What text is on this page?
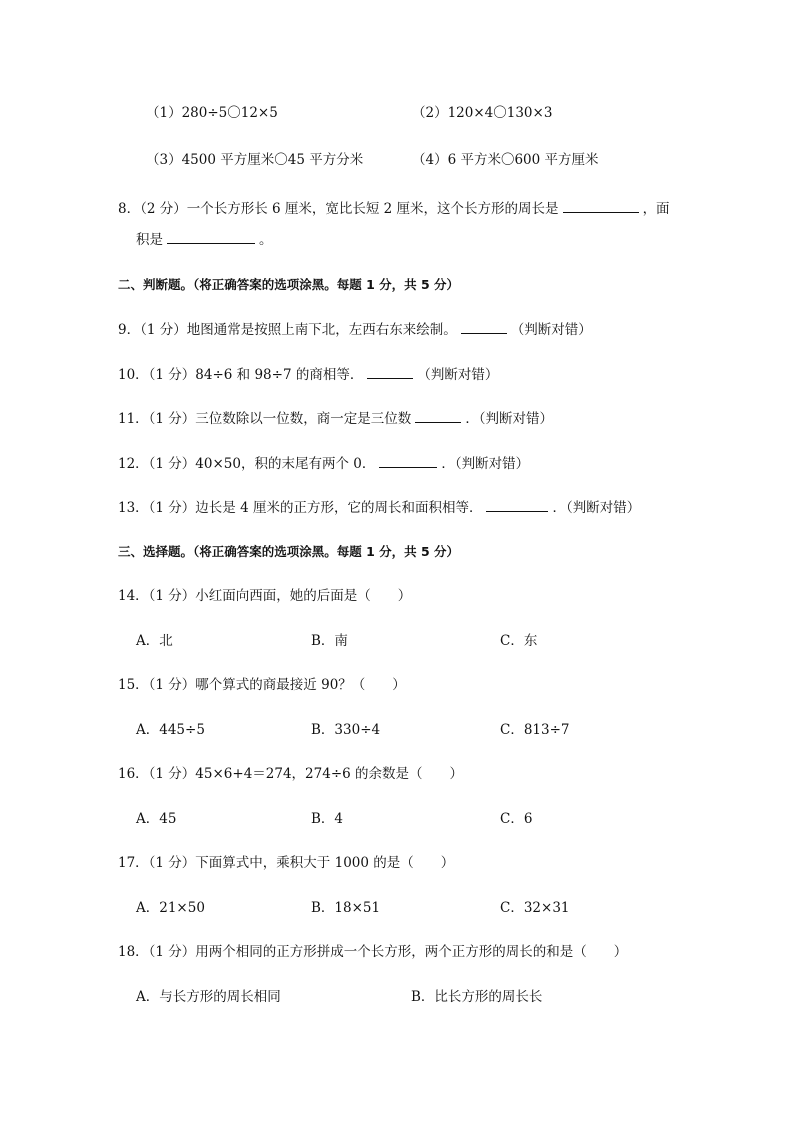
（1）280÷5〇12×5	（2）120×4〇130×3
（3）4500 平方厘米〇45 平方分米	（4）6 平方米〇600 平方厘米
8．（2 分）一个长方形长 6 厘米，宽比长短 2 厘米，这个长方形的周长是	，面
积是	。
二、判断题。（将正确答案的选项涂黑。每题 1 分，共 5 分）
9．（1 分）地图通常是按照上南下北，左西右东来绘制。	（判断对错）
10．（1 分）84÷6 和 98÷7 的商相等．	（判断对错）
11．（1 分）三位数除以一位数，商一定是三位数	．（判断对错）
12．（1 分）40×50，积的末尾有两个 0．	．（判断对错）
13．（1 分）边长是 4 厘米的正方形，它的周长和面积相等．	．（判断对错）
三、选择题。（将正确答案的选项涂黑。每题 1 分，共 5 分）
14．（1 分）小红面向西面，她的后面是（　　）
A．北	B．南	C．东
15．（1 分）哪个算式的商最接近 90？（　　）
A．445÷5	B．330÷4	C．813÷7
16．（1 分）45×6+4＝274，274÷6 的余数是（　　）
A．45	B．4	C．6
17．（1 分）下面算式中，乘积大于 1000 的是（　　）
A．21×50	B．18×51	C．32×31
18．（1 分）用两个相同的正方形拼成一个长方形，两个正方形的周长的和是（　　）
A．与长方形的周长相同	B．比长方形的周长长
